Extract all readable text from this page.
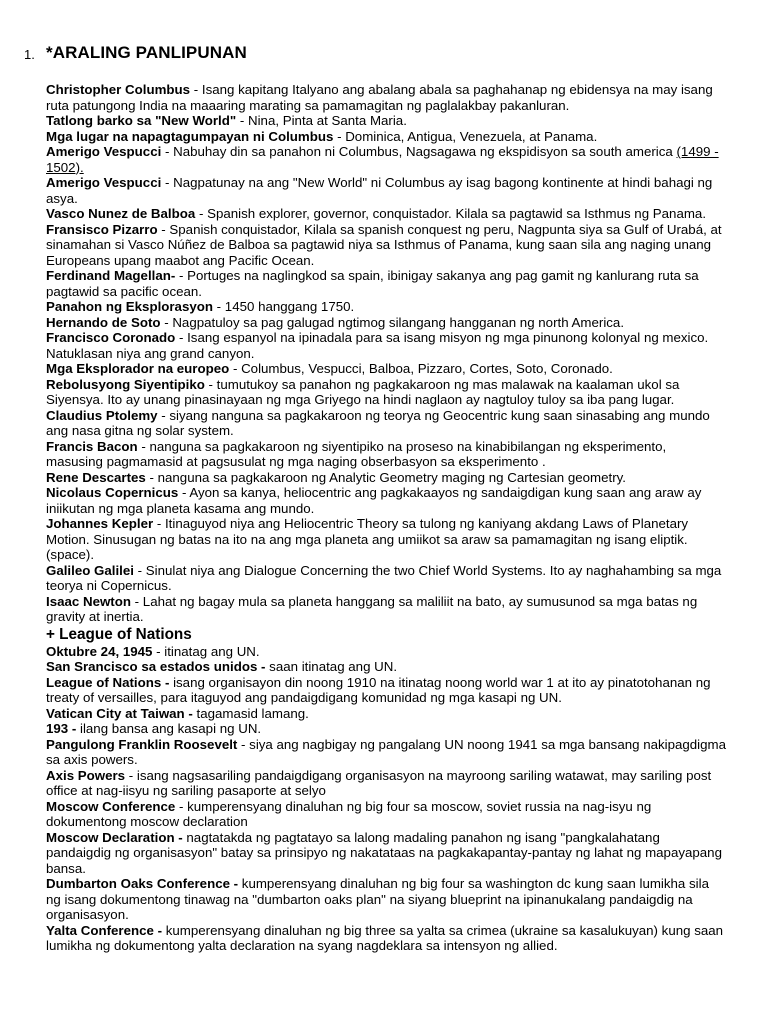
1. *ARALING PANLIPUNAN

Christopher Columbus - Isang kapitang Italyano ang abalang abala sa paghahanap ng ebidensya na may isang ruta patungong India na maaaring marating sa pamamagitan ng paglalakbay pakanluran.

Tatlong barko sa "New World" - Nina, Pinta at Santa Maria.

Mga lugar na napagtagumpayan ni Columbus - Dominica, Antigua, Venezuela, at Panama.

Amerigo Vespucci - Nabuhay din sa panahon ni Columbus, Nagsagawa ng ekspidisyon sa south america (1499 - 1502).

Amerigo Vespucci - Nagpatunay na ang "New World" ni Columbus ay isag bagong kontinente at hindi bahagi ng asya.

Vasco Nunez de Balboa - Spanish explorer, governor, conquistador. Kilala sa pagtawid sa Isthmus ng Panama.

Fransisco Pizarro - Spanish conquistador, Kilala sa spanish conquest ng peru, Nagpunta siya sa Gulf of Urabá, at sinamahan si Vasco Núñez de Balboa sa pagtawid niya sa Isthmus of Panama, kung saan sila ang naging unang Europeans upang maabot ang Pacific Ocean.

Ferdinand Magellan- - Portuges na naglingkod sa spain, ibinigay sakanya ang pag gamit ng kanlurang ruta sa pagtawid sa pacific ocean.

Panahon ng Eksplorasyon - 1450 hanggang 1750.

Hernando de Soto - Nagpatuloy sa pag galugad ngtimog silangang hangganan ng north America.

Francisco Coronado - Isang espanyol na ipinadala para sa isang misyon ng mga pinunong kolonyal ng mexico. Natuklasan niya ang grand canyon.

Mga Eksplorador na europeo - Columbus, Vespucci, Balboa, Pizzaro, Cortes, Soto, Coronado.

Rebolusyong Siyentipiko - tumutukoy sa panahon ng pagkakaroon ng mas malawak na kaalaman ukol sa Siyensya. Ito ay unang pinasinayaan ng mga Griyego na hindi naglaon ay nagtuloy tuloy sa iba pang lugar.

Claudius Ptolemy - siyang nanguna sa pagkakaroon ng teorya ng Geocentric kung saan sinasabing ang mundo ang nasa gitna ng solar system.

Francis Bacon - nanguna sa pagkakaroon ng siyentipiko na proseso na kinabibilangan ng eksperimento, masusing pagmamasid at pagsusulat ng mga naging obserbasyon sa eksperimento .

Rene Descartes - nanguna sa pagkakaroon ng Analytic Geometry maging ng Cartesian geometry.

Nicolaus Copernicus - Ayon sa kanya, heliocentric ang pagkakaayos ng sandaigdigan kung saan ang araw ay iniikutan ng mga planeta kasama ang mundo.

Johannes Kepler - Itinaguyod niya ang Heliocentric Theory sa tulong ng kaniyang akdang Laws of Planetary Motion. Sinusugan ng batas na ito na ang mga planeta ang umiikot sa araw sa pamamagitan ng isang eliptik.(space).

Galileo Galilei - Sinulat niya ang Dialogue Concerning the two Chief World Systems. Ito ay naghahambing sa mga teorya ni Copernicus.

Isaac Newton - Lahat ng bagay mula sa planeta hanggang sa maliliit na bato, ay sumusunod sa mga batas ng gravity at inertia.

+ League of Nations

Oktubre 24, 1945 - itinatag ang UN.

San Srancisco sa estados unidos - saan itinatag ang UN.

League of Nations - isang organisayon din noong 1910 na itinatag noong world war 1 at ito ay pinatotohanan ng treaty of versailles, para itaguyod ang pandaigdigang komunidad ng mga kasapi ng UN.

Vatican City at Taiwan - tagamasid lamang.

193 - ilang bansa ang kasapi ng UN.

Pangulong Franklin Roosevelt - siya ang nagbigay ng pangalang UN noong 1941 sa mga bansang nakipagdigma sa axis powers.

Axis Powers - isang nagsasariling pandaigdigang organisasyon na mayroong sariling watawat, may sariling post office at nag-iisyu ng sariling pasaporte at selyo

Moscow Conference - kumperensyang dinaluhan ng big four sa moscow, soviet russia na nag-isyu ng dokumentong moscow declaration

Moscow Declaration - nagtatakda ng pagtatayo sa lalong madaling panahon ng isang "pangkalahatang pandaigdig ng organisasyon" batay sa prinsipyo ng nakatataas na pagkakapantay-pantay ng lahat ng mapayapang bansa.

Dumbarton Oaks Conference - kumperensyang dinaluhan ng big four sa washington dc kung saan lumikha sila ng isang dokumentong tinawag na "dumbarton oaks plan" na siyang blueprint na ipinanukalang pandaigdig na organisasyon.

Yalta Conference - kumperensyang dinaluhan ng big three sa yalta sa crimea (ukraine sa kasalukuyan) kung saan lumikha ng dokumentong yalta declaration na syang nagdeklara sa intensyon ng allied.
